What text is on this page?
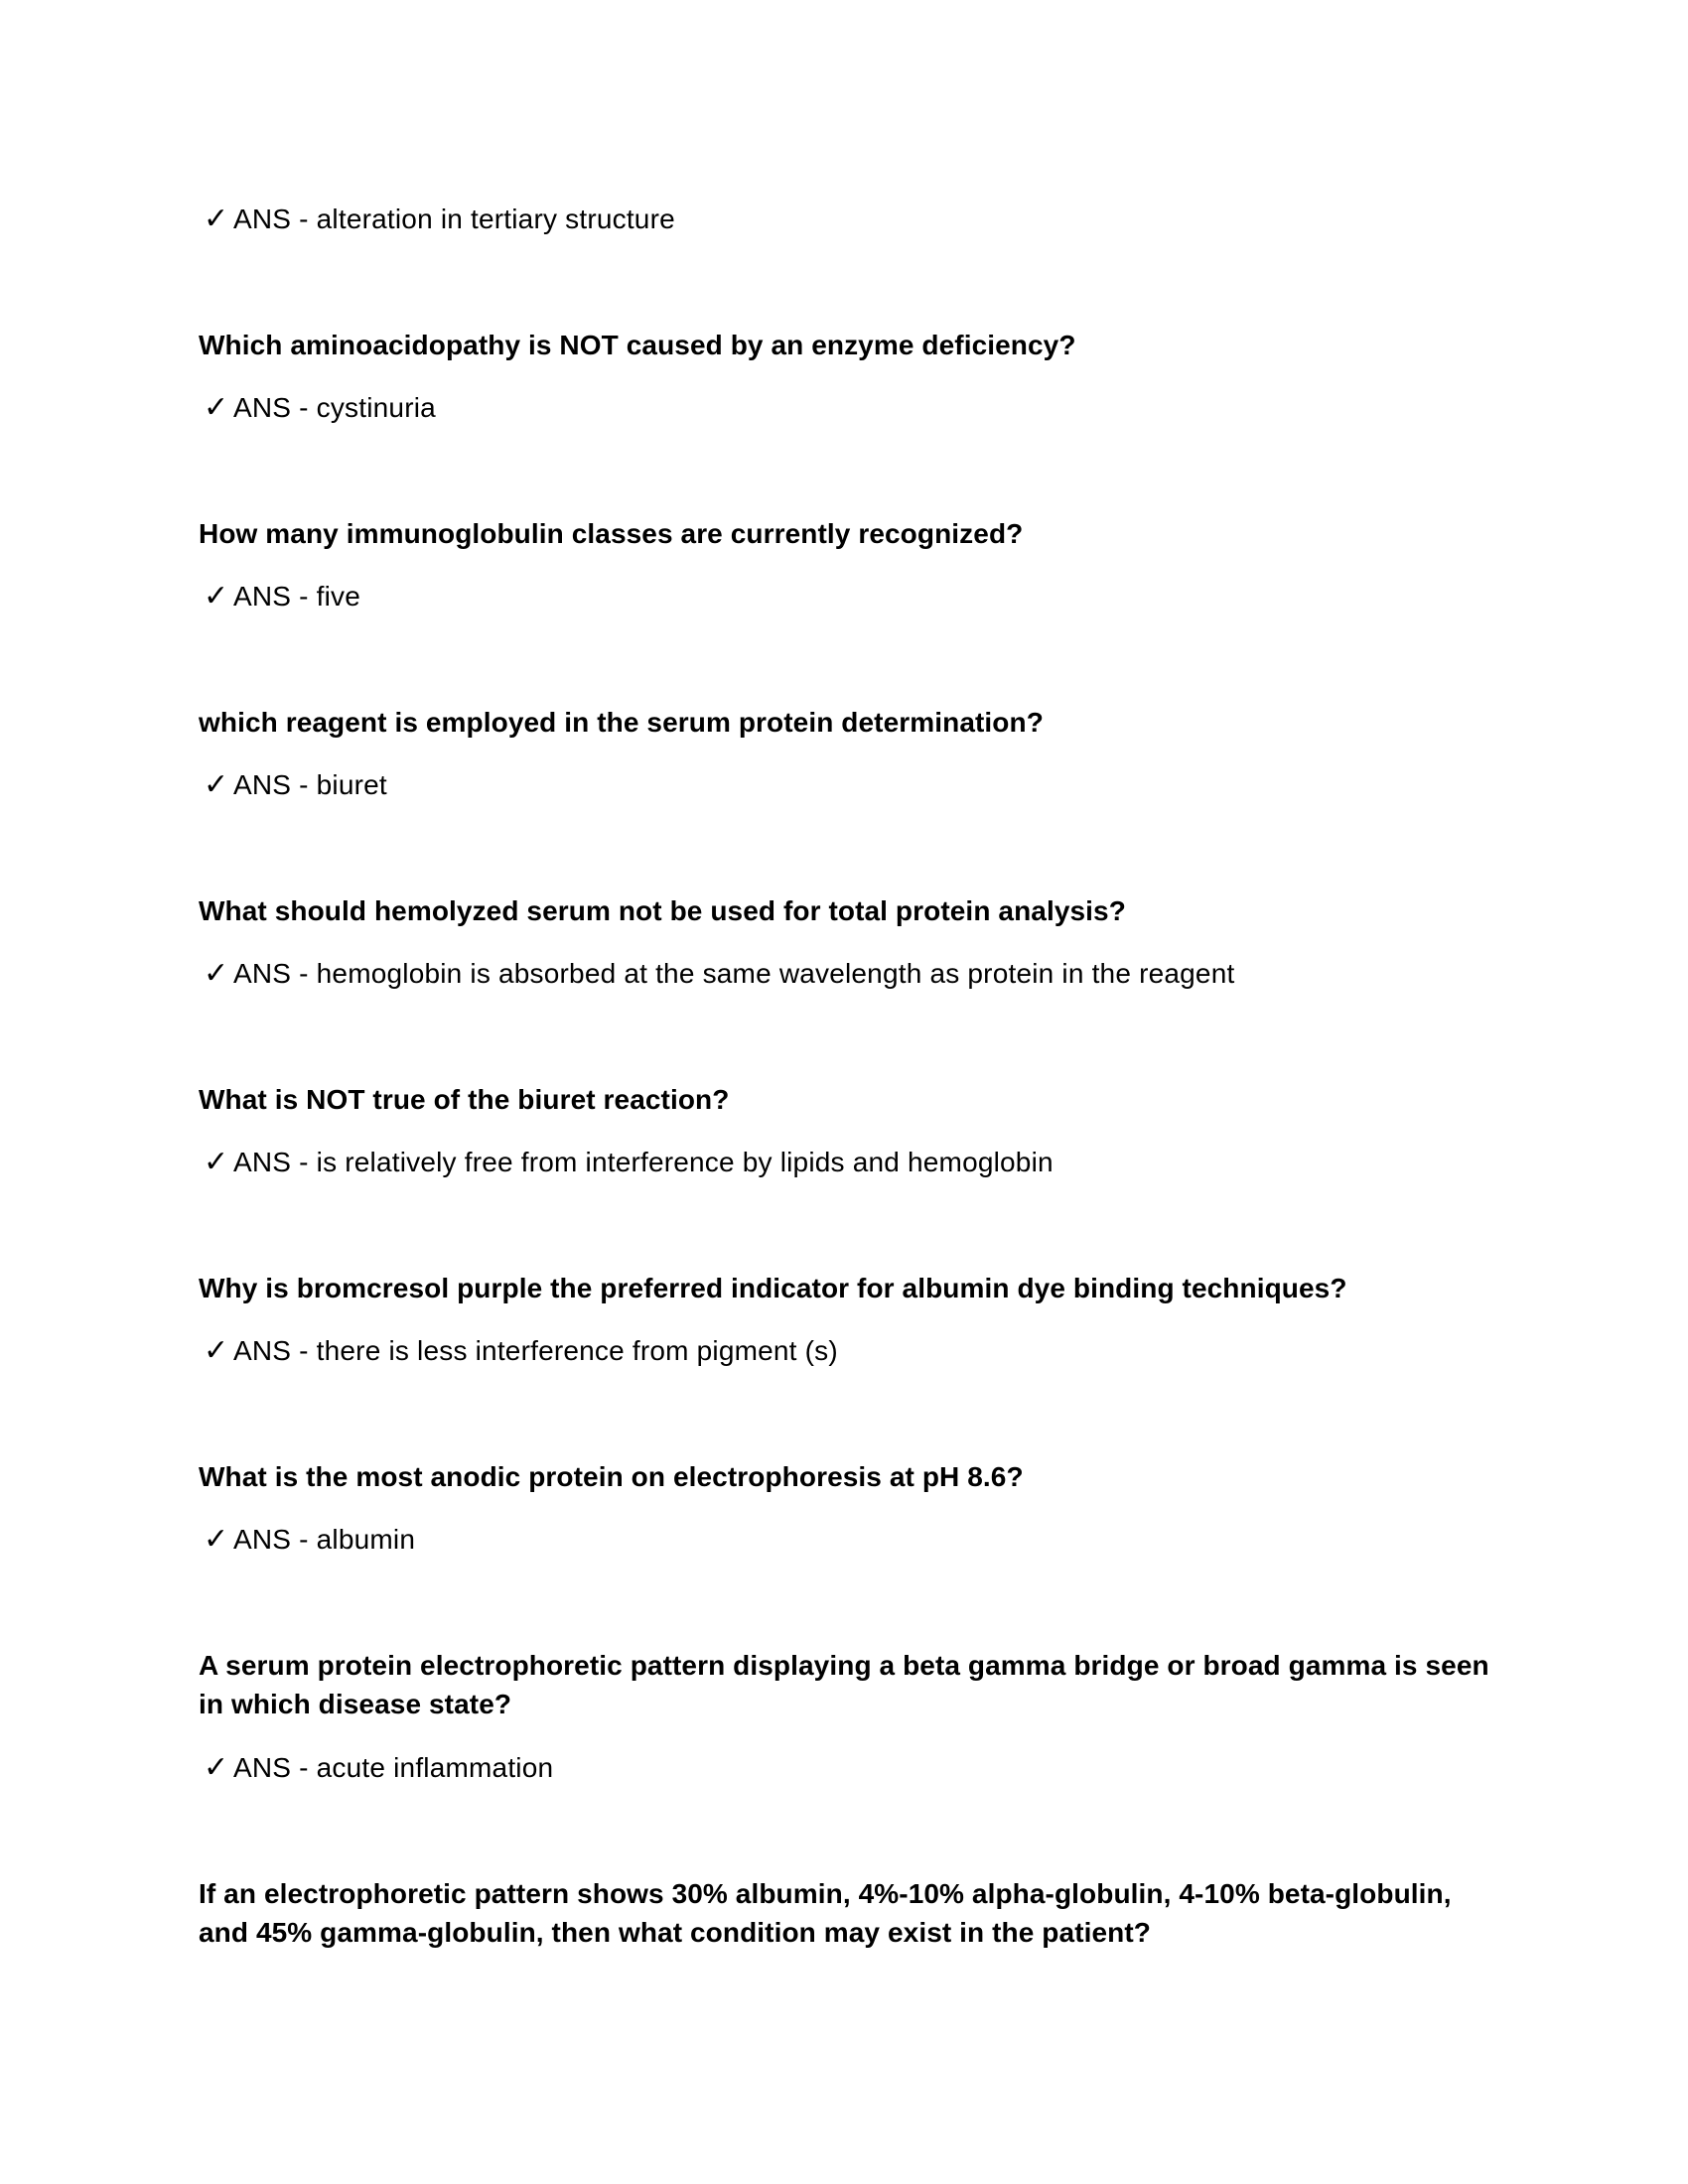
✓ ANS - alteration in tertiary structure
Which aminoacidopathy is NOT caused by an enzyme deficiency?
✓ ANS - cystinuria
How many immunoglobulin classes are currently recognized?
✓ ANS - five
which reagent is employed in the serum protein determination?
✓ ANS - biuret
What should hemolyzed serum not be used for total protein analysis?
✓ ANS - hemoglobin is absorbed at the same wavelength as protein in the reagent
What is NOT true of the biuret reaction?
✓ ANS - is relatively free from interference by lipids and hemoglobin
Why is bromcresol purple the preferred indicator for albumin dye binding techniques?
✓ ANS - there is less interference from pigment (s)
What is the most anodic protein on electrophoresis at pH 8.6?
✓ ANS - albumin
A serum protein electrophoretic pattern displaying a beta gamma bridge or broad gamma is seen in which disease state?
✓ ANS - acute inflammation
If an electrophoretic pattern shows 30% albumin, 4%-10% alpha-globulin, 4-10% beta-globulin, and 45% gamma-globulin, then what condition may exist in the patient?
